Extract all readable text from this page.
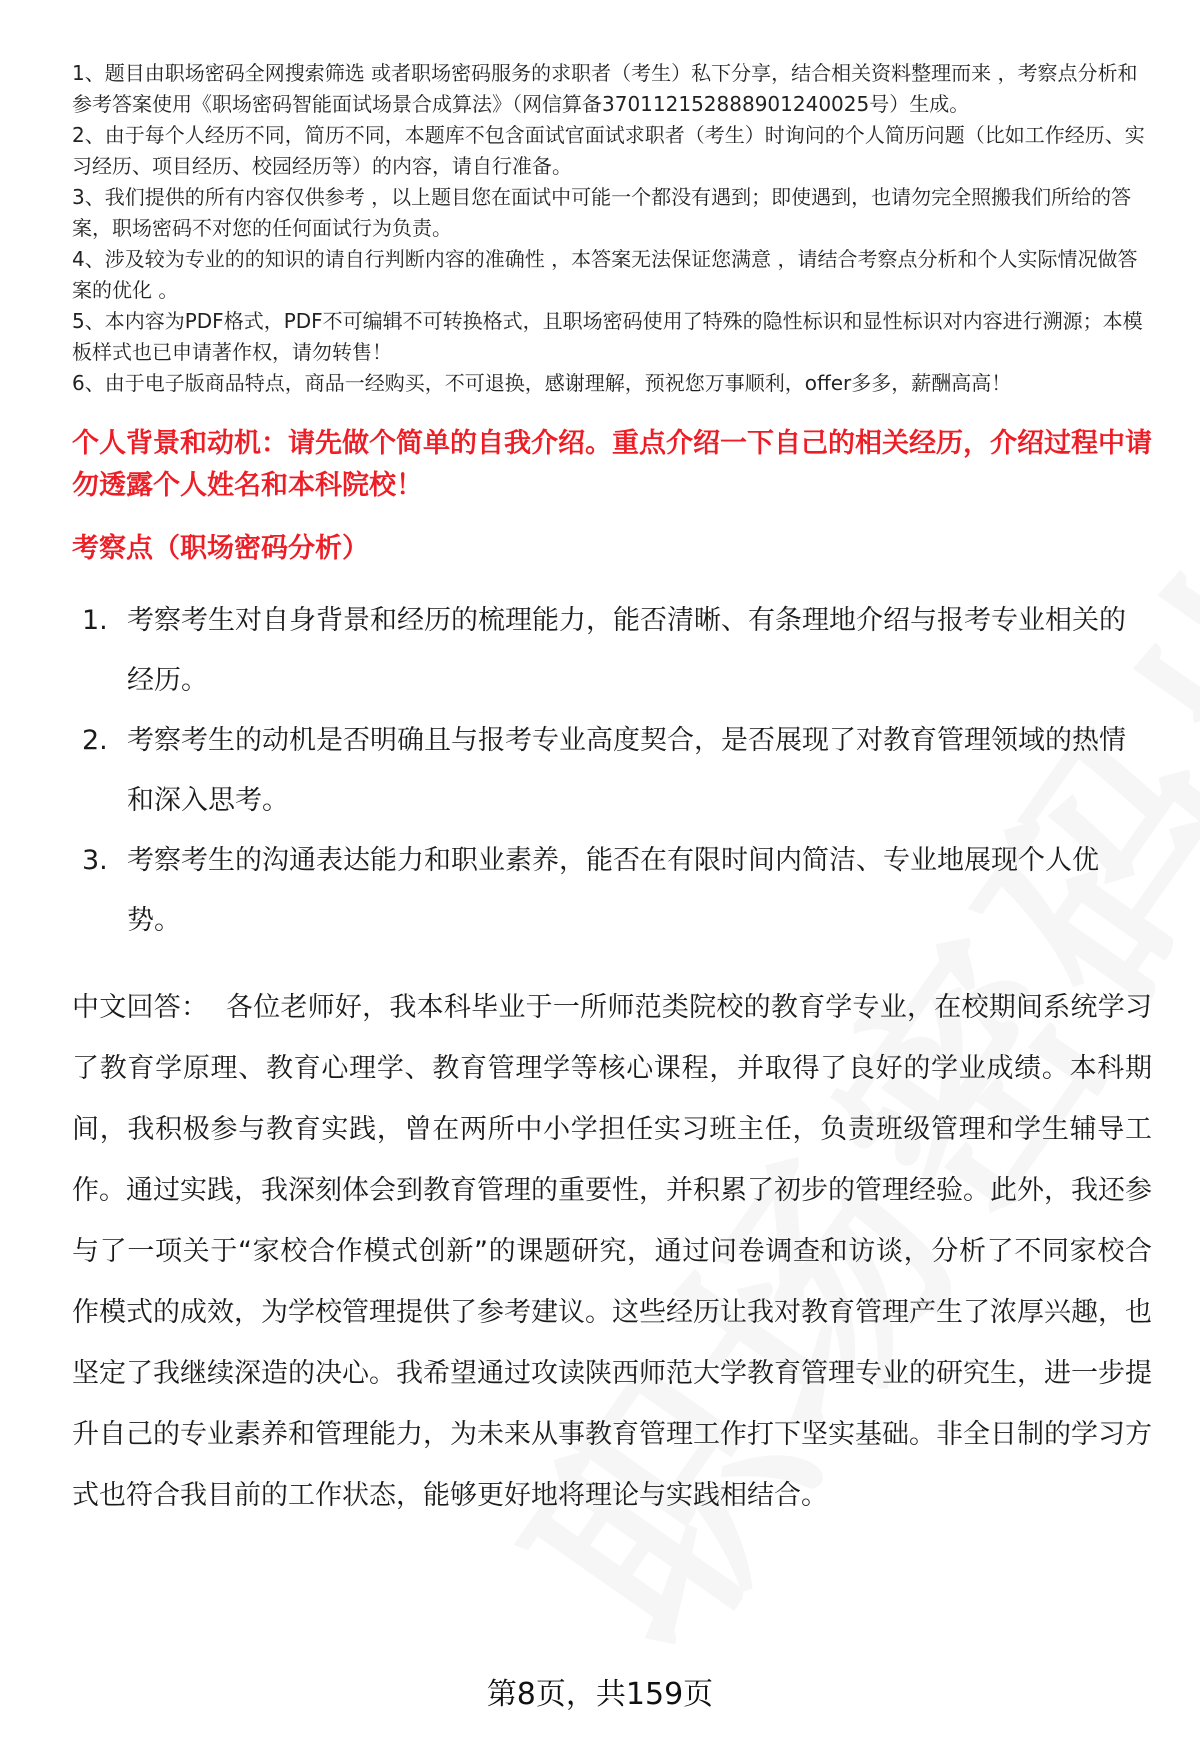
1、题目由职场密码全网搜索筛选 或者职场密码服务的求职者（考生）私下分享，结合相关资料整理而来 ，考察点分析和参考答案使用《职场密码智能面试场景合成算法》（网信算备370112152888901240025号）生成。

2、由于每个人经历不同，简历不同，本题库不包含面试官面试求职者（考生）时询问的个人简历问题（比如工作经历、实习经历、项目经历、校园经历等）的内容，请自行准备。

3、我们提供的所有内容仅供参考 ，以上题目您在面试中可能一个都没有遇到；即使遇到，也请勿完全照搬我们所给的答案，职场密码不对您的任何面试行为负责。

4、涉及较为专业的的知识的请自行判断内容的准确性 ，本答案无法保证您满意 ，请结合考察点分析和个人实际情况做答案的优化 。

5、本内容为PDF格式，PDF不可编辑不可转换格式，且职场密码使用了特殊的隐性标识和显性标识对内容进行溯源；本模板样式也已申请著作权，请勿转售！

6、由于电子版商品特点，商品一经购买，不可退换，感谢理解，预祝您万事顺利，offer多多，薪酬高高！

个人背景和动机：请先做个简单的自我介绍。重点介绍一下自己的相关经历，介绍过程中请勿透露个人姓名和本科院校！
考察点（职场密码分析）
1. 考察考生对自身背景和经历的梳理能力，能否清晰、有条理地介绍与报考专业相关的经历。
2. 考察考生的动机是否明确且与报考专业高度契合，是否展现了对教育管理领域的热情和深入思考。
3. 考察考生的沟通表达能力和职业素养，能否在有限时间内简洁、专业地展现个人优势。
中文回答： 各位老师好，我本科毕业于一所师范类院校的教育学专业，在校期间系统学习了教育学原理、教育心理学、教育管理学等核心课程，并取得了良好的学业成绩。本科期间，我积极参与教育实践，曾在两所中小学担任实习班主任，负责班级管理和学生辅导工作。通过实践，我深刻体会到教育管理的重要性，并积累了初步的管理经验。此外，我还参与了一项关于“家校合作模式创新”的课题研究，通过问卷调查和访谈，分析了不同家校合作模式的成效，为学校管理提供了参考建议。这些经历让我对教育管理产生了浓厚兴趣，也坚定了我继续深造的决心。我希望通过攻读陕西师范大学教育管理专业的研究生，进一步提升自己的专业素养和管理能力，为未来从事教育管理工作打下坚实基础。非全日制的学习方式也符合我目前的工作状态，能够更好地将理论与实践相结合。
第8页，共159页
